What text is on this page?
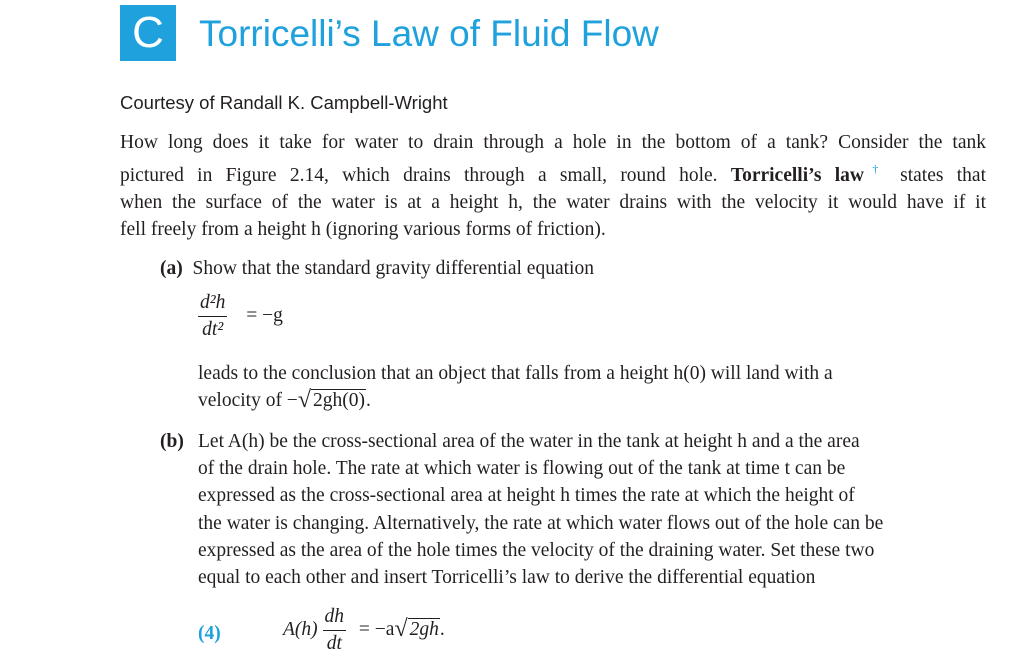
C Torricelli’s Law of Fluid Flow
Courtesy of Randall K. Campbell-Wright
How long does it take for water to drain through a hole in the bottom of a tank? Consider the tank
pictured in Figure 2.14, which drains through a small, round hole. Torricelli’s law† states that
when the surface of the water is at a height h, the water drains with the velocity it would have if it
fell freely from a height h (ignoring various forms of friction).
(a) Show that the standard gravity differential equation
$\frac{\text{d²h}}{\text{dt²}} = -g$
leads to the conclusion that an object that falls from a height h(0) will land with a
velocity of −√ 2gh(0).
(b) Let A(h) be the cross-sectional area of the water in the tank at height h and a the area
of the drain hole. The rate at which water is flowing out of the tank at time t can be
expressed as the cross-sectional area at height h times the rate at which the height of
the water is changing. Alternatively, the rate at which water flows out of the hole can be
expressed as the area of the hole times the velocity of the draining water. Set these two
equal to each other and insert Torricelli’s law to derive the differential equation
(4)	$A(h) \frac{dh}{dt} = -a√$ 2gh.
